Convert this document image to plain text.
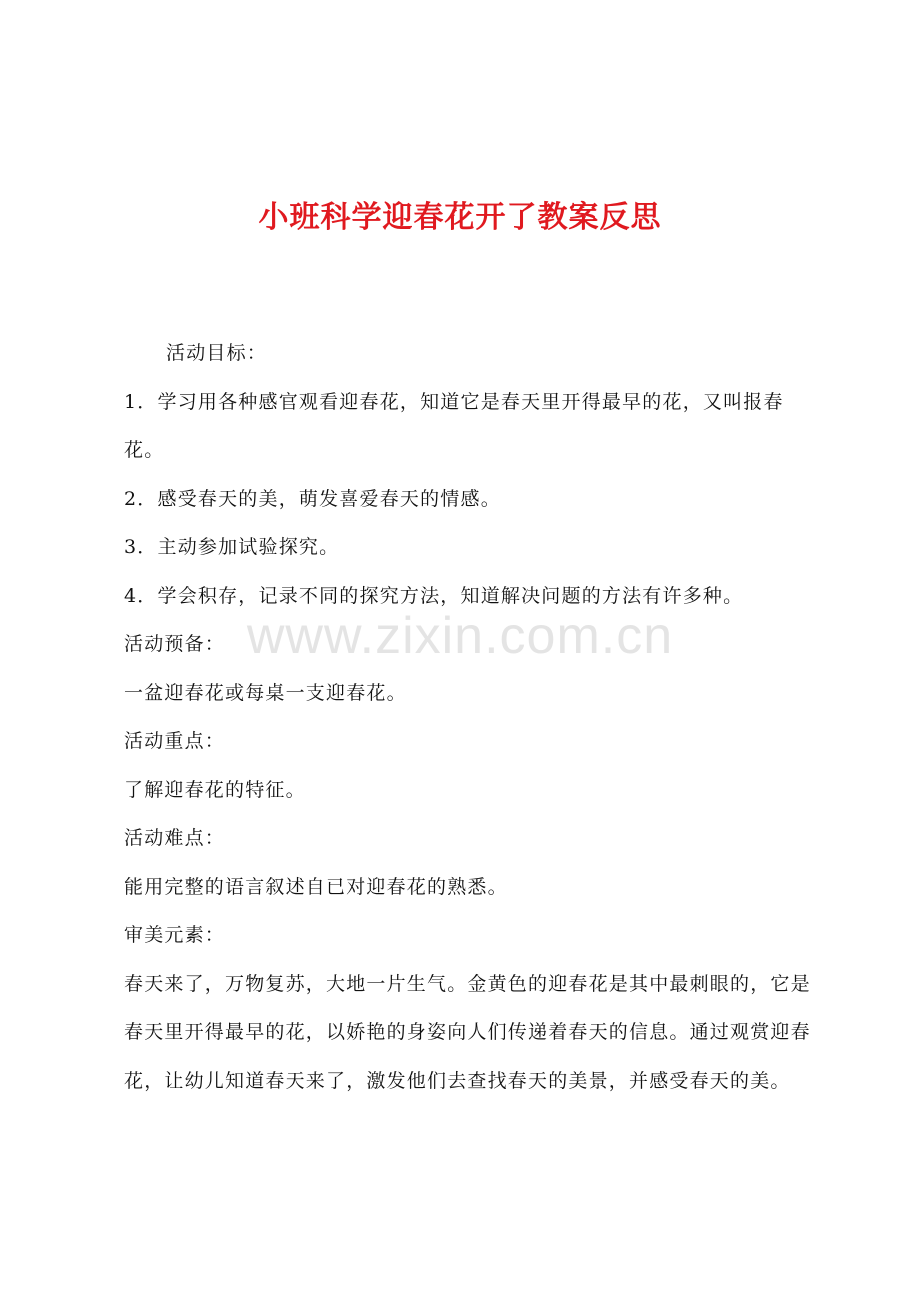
小班科学迎春花开了教案反思

活动目标：

1．学习用各种感官观看迎春花，知道它是春天里开得最早的花，又叫报春花。

2．感受春天的美，萌发喜爱春天的情感。

3．主动参加试验探究。

4．学会积存，记录不同的探究方法，知道解决问题的方法有许多种。

活动预备：

一盆迎春花或每桌一支迎春花。

活动重点：

了解迎春花的特征。

活动难点：

能用完整的语言叙述自已对迎春花的熟悉。

审美元素：

春天来了，万物复苏，大地一片生气。金黄色的迎春花是其中最刺眼的，它是春天里开得最早的花，以娇艳的身姿向人们传递着春天的信息。通过观赏迎春花，让幼儿知道春天来了，激发他们去查找春天的美景，并感受春天的美。

www.zixin.com.cn
